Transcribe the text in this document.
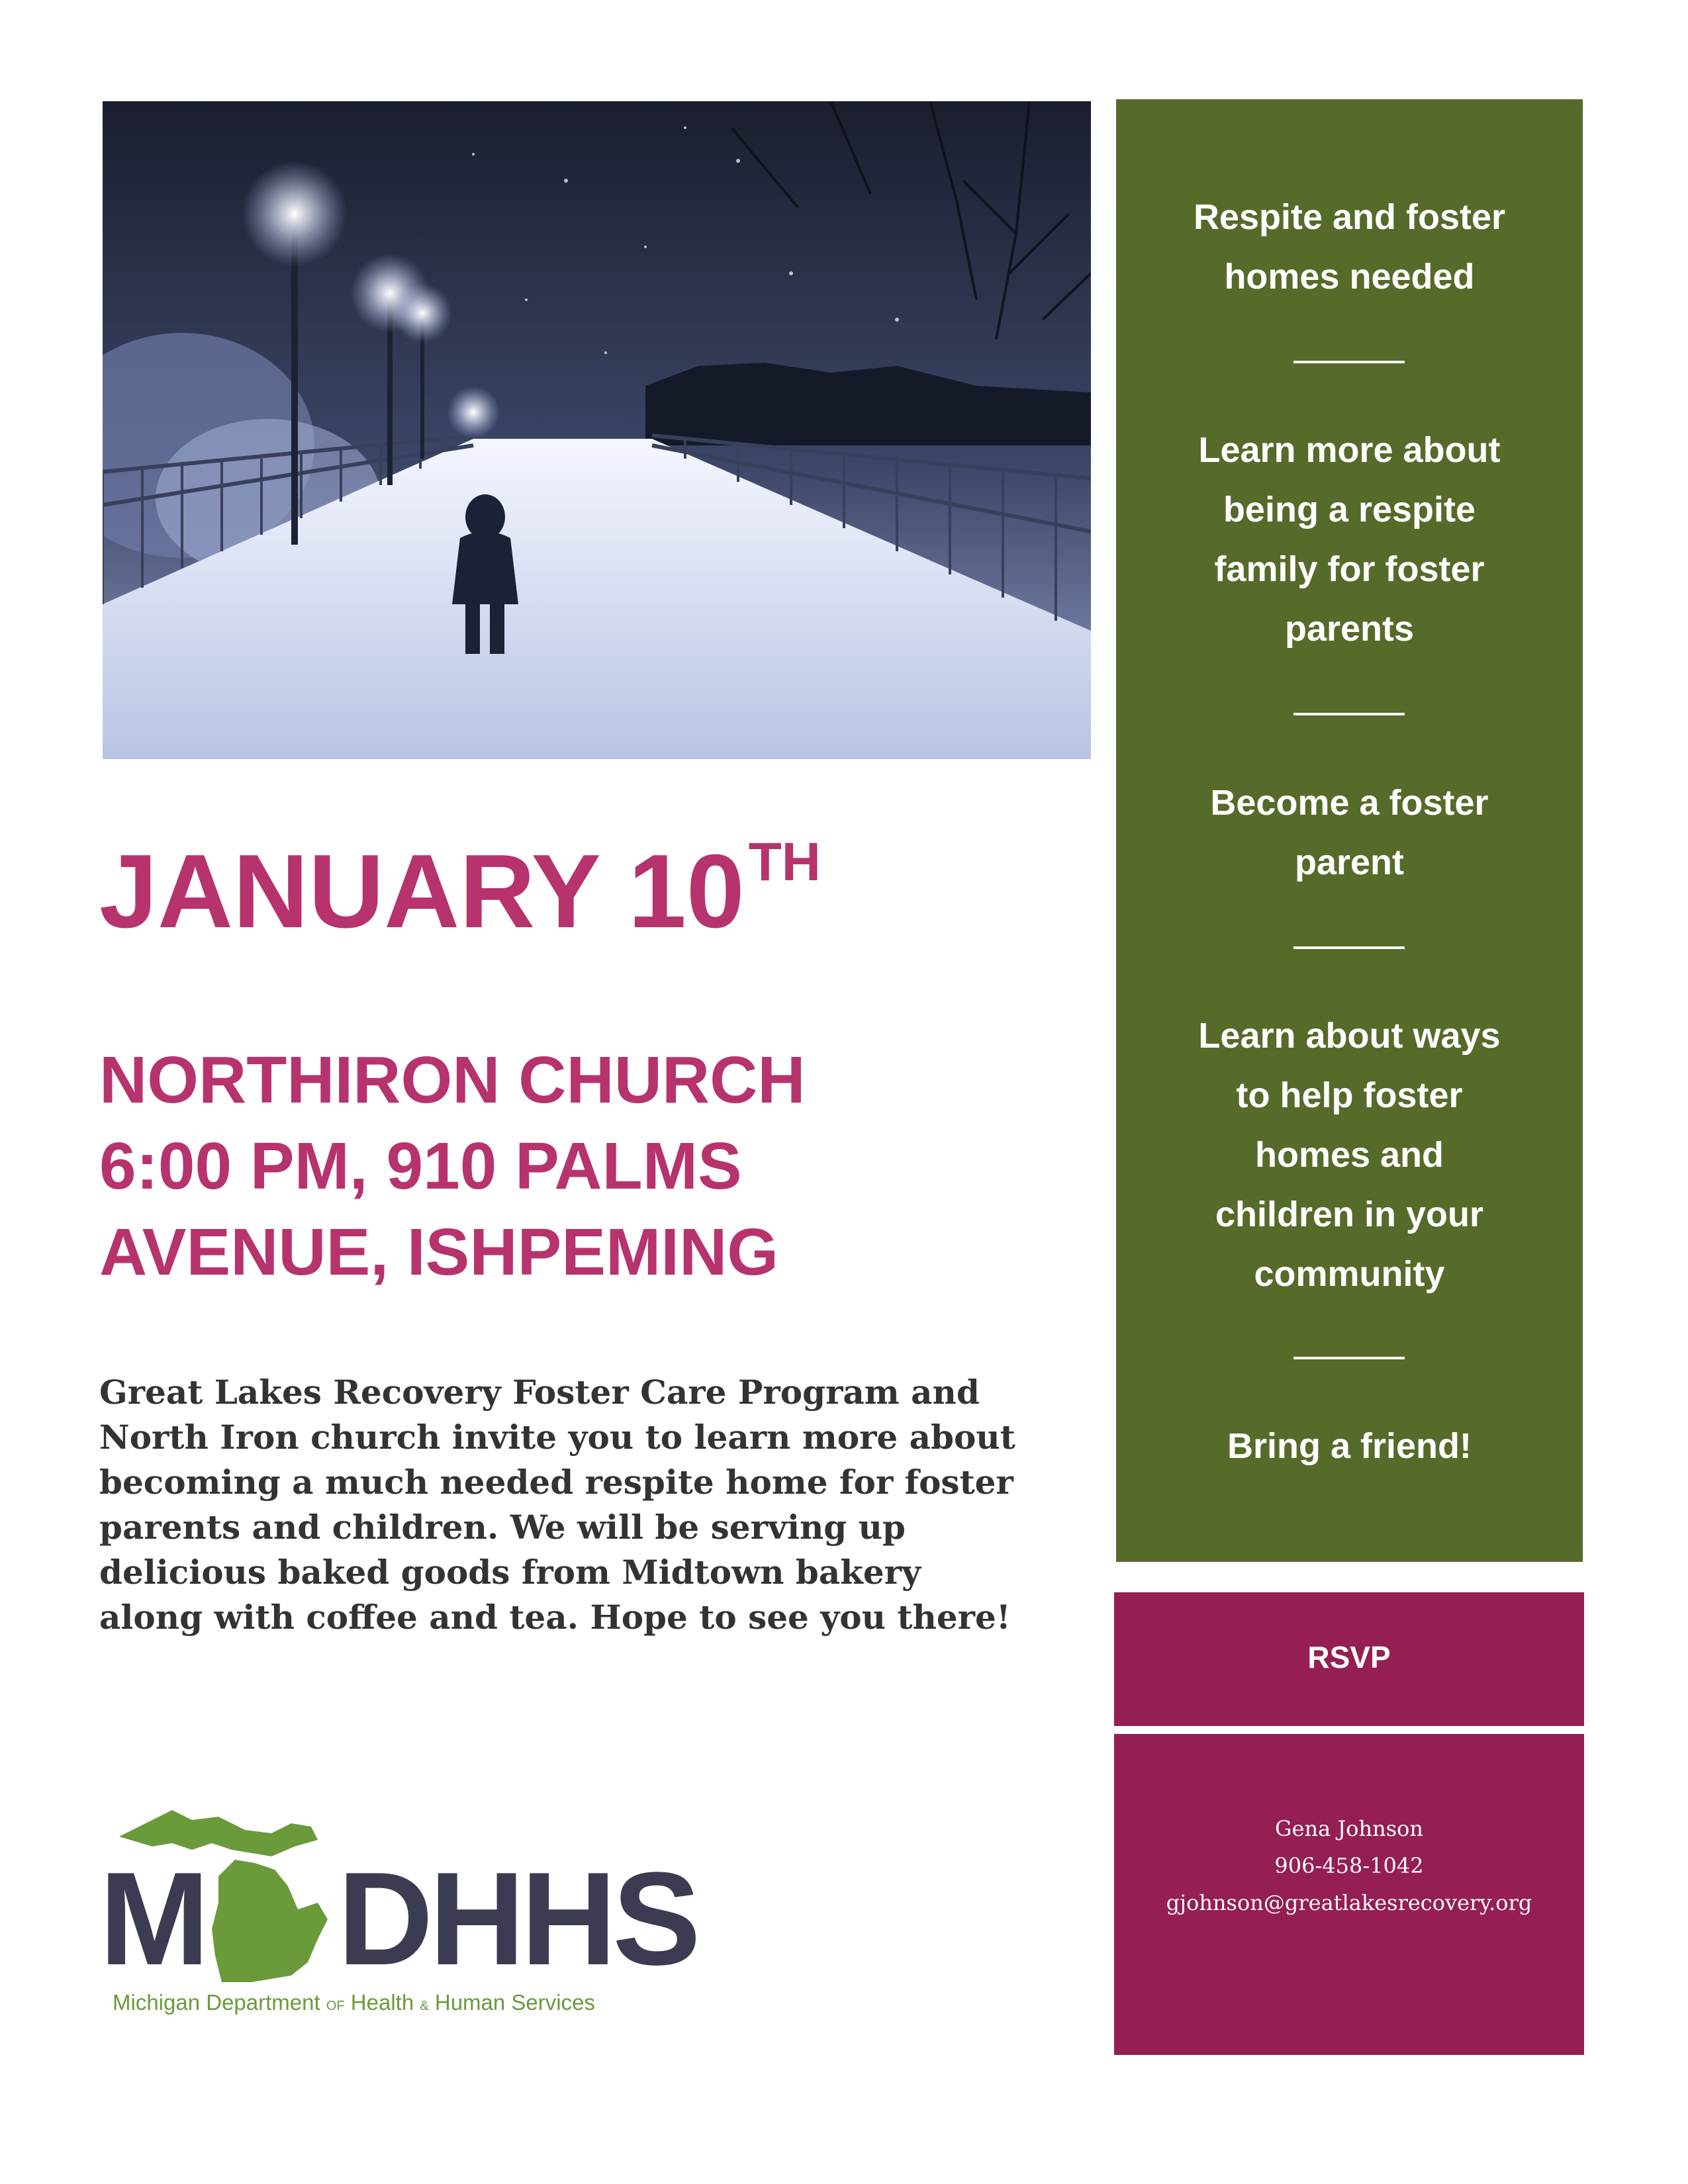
JANUARY 10TH
NORTHIRON CHURCH
6:00 PM, 910 PALMS
AVENUE, ISHPEMING
Great Lakes Recovery Foster Care Program and
North Iron church invite you to learn more about
becoming a much needed respite home for foster
parents and children. We will be serving up
delicious baked goods from Midtown bakery
along with coffee and tea. Hope to see you there!
M DHHS
Michigan Department OF Health & Human Services
Respite and foster
homes needed
Learn more about
being a respite
family for foster
parents
Become a foster
parent
Learn about ways
to help foster
homes and
children in your
community
Bring a friend!
RSVP
Gena Johnson
906-458-1042
gjohnson@greatlakesrecovery.org
